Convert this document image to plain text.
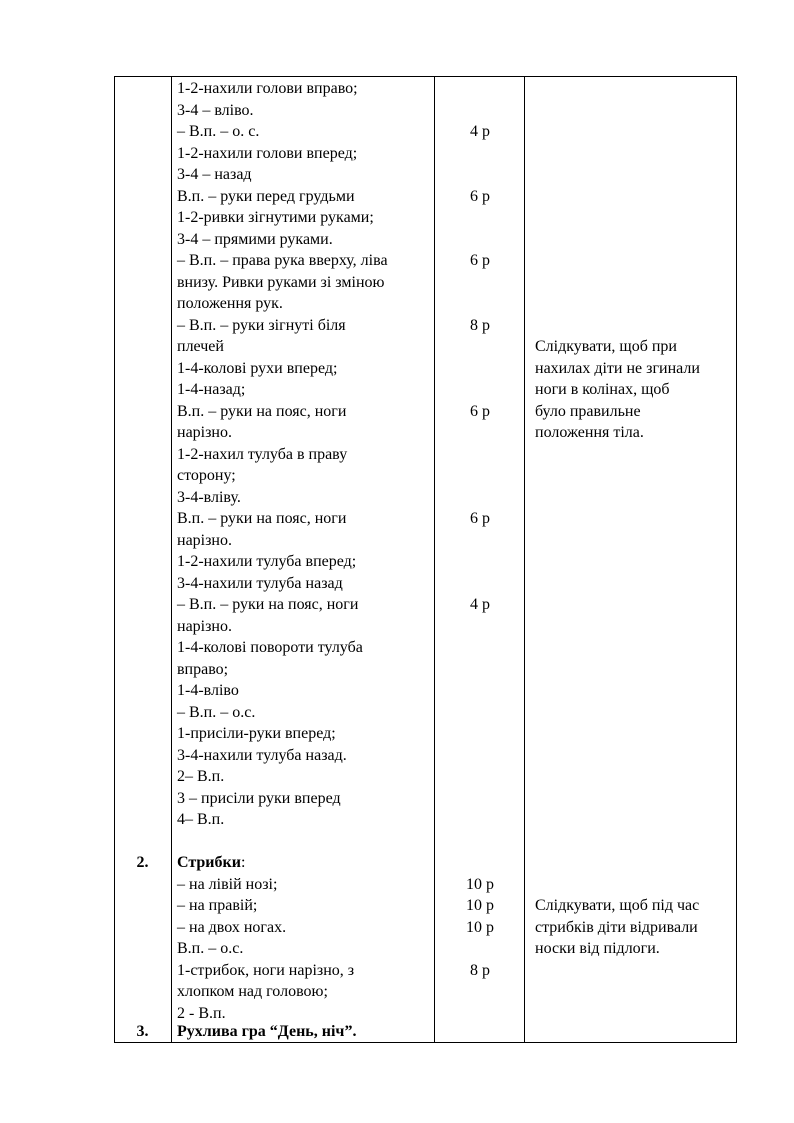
1-2-нахили голови вправо;
3-4 – вліво.
– В.п. – о. с.
1-2-нахили голови вперед;
3-4 – назад
В.п. – руки перед грудьми
1-2-ривки зігнутими руками;
3-4 – прямими руками.
– В.п. – права рука вверху, ліва
внизу. Ривки руками зі зміною
положення рук.
– В.п. – руки зігнуті біля
плечей
1-4-колові рухи вперед;
1-4-назад;
В.п. – руки на пояс, ноги
нарізно.
1-2-нахил тулуба в праву
сторону;
3-4-вліву.
В.п. – руки на пояс, ноги
нарізно.
1-2-нахили тулуба вперед;
3-4-нахили тулуба назад
– В.п. – руки на пояс, ноги
нарізно.
1-4-колові повороти тулуба
вправо;
1-4-вліво
– В.п. – о.с.
1-присіли-руки вперед;
3-4-нахили тулуба назад.
2– В.п.
3 – присіли руки вперед
4– В.п.
4 р
6 р
6 р
8 р
6 р
6 р
4 р
Слідкувати, щоб при
нахилах діти не згинали
ноги в колінах, щоб
було правильне
положення тіла.
2.	Стрибки:
– на лівій нозі;
– на правій;
– на двох ногах.
В.п. – о.с.
1-стрибок, ноги нарізно, з
хлопком над головою;
2 - В.п.
10 р
10 р
10 р
8 р
Слідкувати, щоб під час
стрибків діти відривали
носки від підлоги.
3.	Рухлива гра “День, ніч”.
